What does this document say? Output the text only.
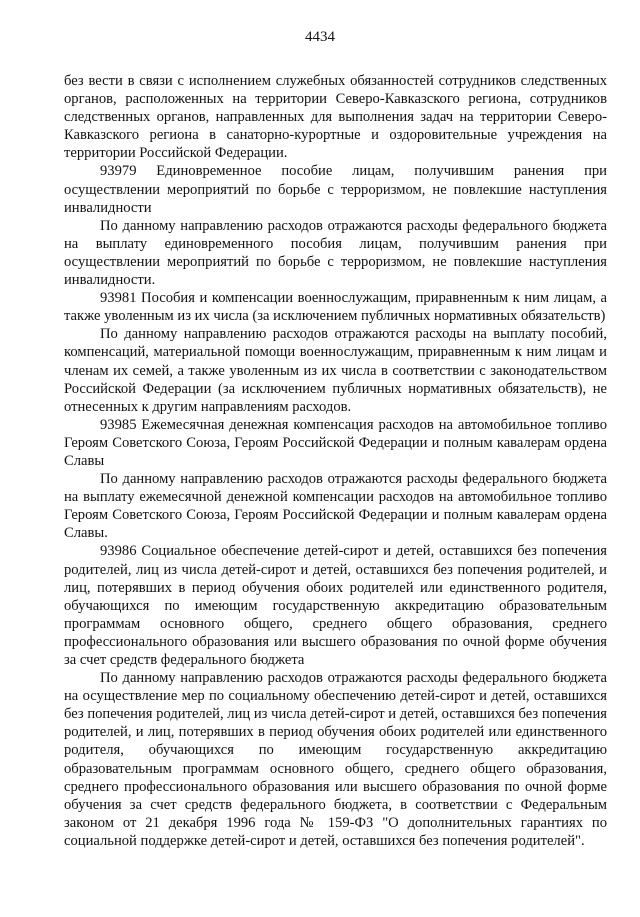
4434

без вести в связи с исполнением служебных обязанностей сотрудников следственных органов, расположенных на территории Северо-Кавказского региона, сотрудников следственных органов, направленных для выполнения задач на территории Северо-Кавказского региона в санаторно-курортные и оздоровительные учреждения на территории Российской Федерации.

93979 Единовременное пособие лицам, получившим ранения при осуществлении мероприятий по борьбе с терроризмом, не повлекшие наступления инвалидности

По данному направлению расходов отражаются расходы федерального бюджета на выплату единовременного пособия лицам, получившим ранения при осуществлении мероприятий по борьбе с терроризмом, не повлекшие наступления инвалидности.

93981 Пособия и компенсации военнослужащим, приравненным к ним лицам, а также уволенным из их числа (за исключением публичных нормативных обязательств)

По данному направлению расходов отражаются расходы на выплату пособий, компенсаций, материальной помощи военнослужащим, приравненным к ним лицам и членам их семей, а также уволенным из их числа в соответствии с законодательством Российской Федерации (за исключением публичных нормативных обязательств), не отнесенных к другим направлениям расходов.

93985 Ежемесячная денежная компенсация расходов на автомобильное топливо Героям Советского Союза, Героям Российской Федерации и полным кавалерам ордена Славы

По данному направлению расходов отражаются расходы федерального бюджета на выплату ежемесячной денежной компенсации расходов на автомобильное топливо Героям Советского Союза, Героям Российской Федерации и полным кавалерам ордена Славы.

93986 Социальное обеспечение детей-сирот и детей, оставшихся без попечения родителей, лиц из числа детей-сирот и детей, оставшихся без попечения родителей, и лиц, потерявших в период обучения обоих родителей или единственного родителя, обучающихся по имеющим государственную аккредитацию образовательным программам основного общего, среднего общего образования, среднего профессионального образования или высшего образования по очной форме обучения за счет средств федерального бюджета

По данному направлению расходов отражаются расходы федерального бюджета на осуществление мер по социальному обеспечению детей-сирот и детей, оставшихся без попечения родителей, лиц из числа детей-сирот и детей, оставшихся без попечения родителей, и лиц, потерявших в период обучения обоих родителей или единственного родителя, обучающихся по имеющим государственную аккредитацию образовательным программам основного общего, среднего общего образования, среднего профессионального образования или высшего образования по очной форме обучения за счет средств федерального бюджета, в соответствии с Федеральным законом от 21 декабря 1996 года № 159-ФЗ "О дополнительных гарантиях по социальной поддержке детей-сирот и детей, оставшихся без попечения родителей".
